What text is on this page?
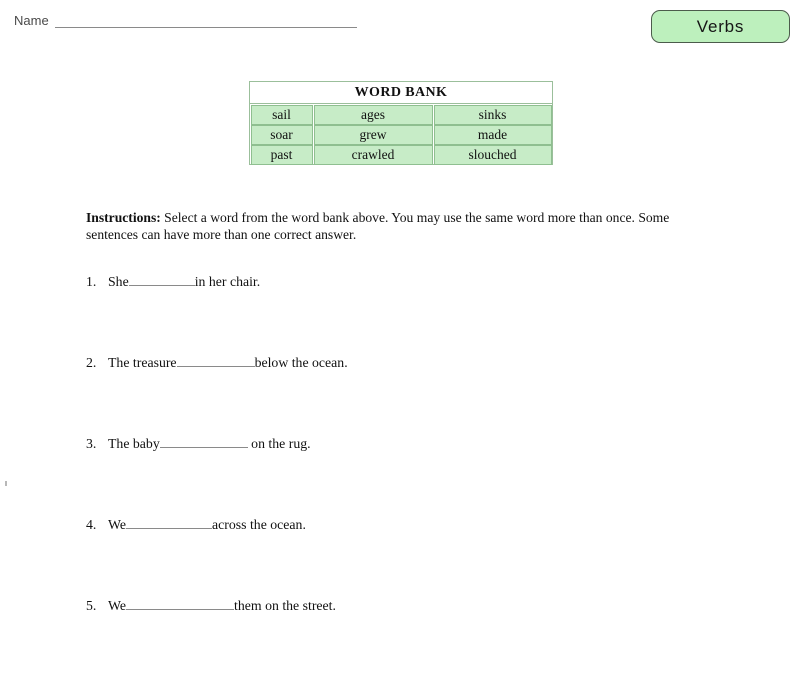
Name	Verbs
WORD BANK
sail	ages	sinks
soar	grew	made
past	crawled	slouched
Instructions: Select a word from the word bank above. You may use the same word more than once. Some sentences can have more than one correct answer.
1. She	in her chair.
2. The treasure	below the ocean.
3. The baby	on the rug.
4. We	across the ocean.
5. We	them on the street.
